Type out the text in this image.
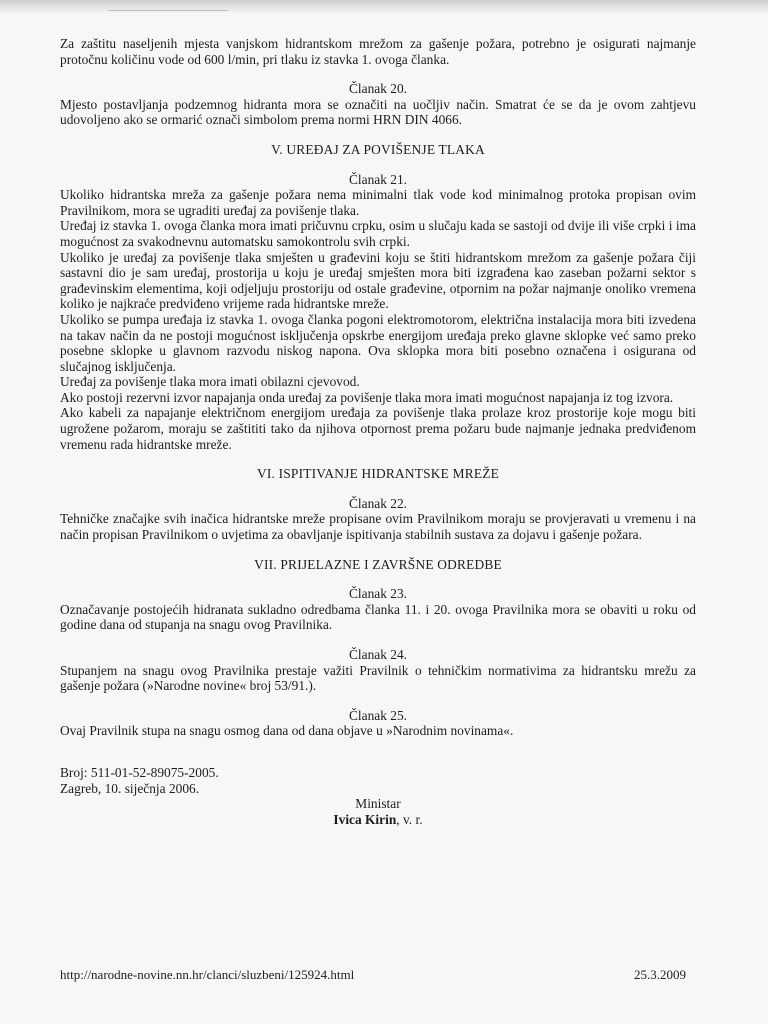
Za zaštitu naseljenih mjesta vanjskom hidrantskom mrežom za gašenje požara, potrebno je osigurati najmanje protočnu količinu vode od 600 l/min, pri tlaku iz stavka 1. ovoga članka.

Članak 20.

Mjesto postavljanja podzemnog hidranta mora se označiti na uočljiv način. Smatrat će se da je ovom zahtjevu udovoljeno ako se ormarić označi simbolom prema normi HRN DIN 4066.

V. UREĐAJ ZA POVIŠENJE TLAKA

Članak 21.

Ukoliko hidrantska mreža za gašenje požara nema minimalni tlak vode kod minimalnog protoka propisan ovim Pravilnikom, mora se ugraditi uređaj za povišenje tlaka.

Uređaj iz stavka 1. ovoga članka mora imati pričuvnu crpku, osim u slučaju kada se sastoji od dvije ili više crpki i ima mogućnost za svakodnevnu automatsku samokontrolu svih crpki.

Ukoliko je uređaj za povišenje tlaka smješten u građevini koju se štiti hidrantskom mrežom za gašenje požara čiji sastavni dio je sam uređaj, prostorija u koju je uređaj smješten mora biti izgrađena kao zaseban požarni sektor s građevinskim elementima, koji odjeljuju prostoriju od ostale građevine, otpornim na požar najmanje onoliko vremena koliko je najkraće predviđeno vrijeme rada hidrantske mreže.

Ukoliko se pumpa uređaja iz stavka 1. ovoga članka pogoni elektromotorom, električna instalacija mora biti izvedena na takav način da ne postoji mogućnost isključenja opskrbe energijom uređaja preko glavne sklopke već samo preko posebne sklopke u glavnom razvodu niskog napona. Ova sklopka mora biti posebno označena i osigurana od slučajnog isključenja.

Uređaj za povišenje tlaka mora imati obilazni cjevovod.

Ako postoji rezervni izvor napajanja onda uređaj za povišenje tlaka mora imati mogućnost napajanja iz tog izvora.

Ako kabeli za napajanje električnom energijom uređaja za povišenje tlaka prolaze kroz prostorije koje mogu biti ugrožene požarom, moraju se zaštititi tako da njihova otpornost prema požaru bude najmanje jednaka predviđenom vremenu rada hidrantske mreže.

VI. ISPITIVANJE HIDRANTSKE MREŽE

Članak 22.

Tehničke značajke svih inačica hidrantske mreže propisane ovim Pravilnikom moraju se provjeravati u vremenu i na način propisan Pravilnikom o uvjetima za obavljanje ispitivanja stabilnih sustava za dojavu i gašenje požara.

VII. PRIJELAZNE I ZAVRŠNE ODREDBE

Članak 23.

Označavanje postojećih hidranata sukladno odredbama članka 11. i 20. ovoga Pravilnika mora se obaviti u roku od godine dana od stupanja na snagu ovog Pravilnika.

Članak 24.

Stupanjem na snagu ovog Pravilnika prestaje važiti Pravilnik o tehničkim normativima za hidrantsku mrežu za gašenje požara (»Narodne novine« broj 53/91.).

Članak 25.

Ovaj Pravilnik stupa na snagu osmog dana od dana objave u »Narodnim novinama«.

Broj: 511-01-52-89075-2005.

Zagreb, 10. siječnja 2006.

Ministar

Ivica Kirin, v. r.

http://narodne-novine.nn.hr/clanci/sluzbeni/125924.html	25.3.2009
